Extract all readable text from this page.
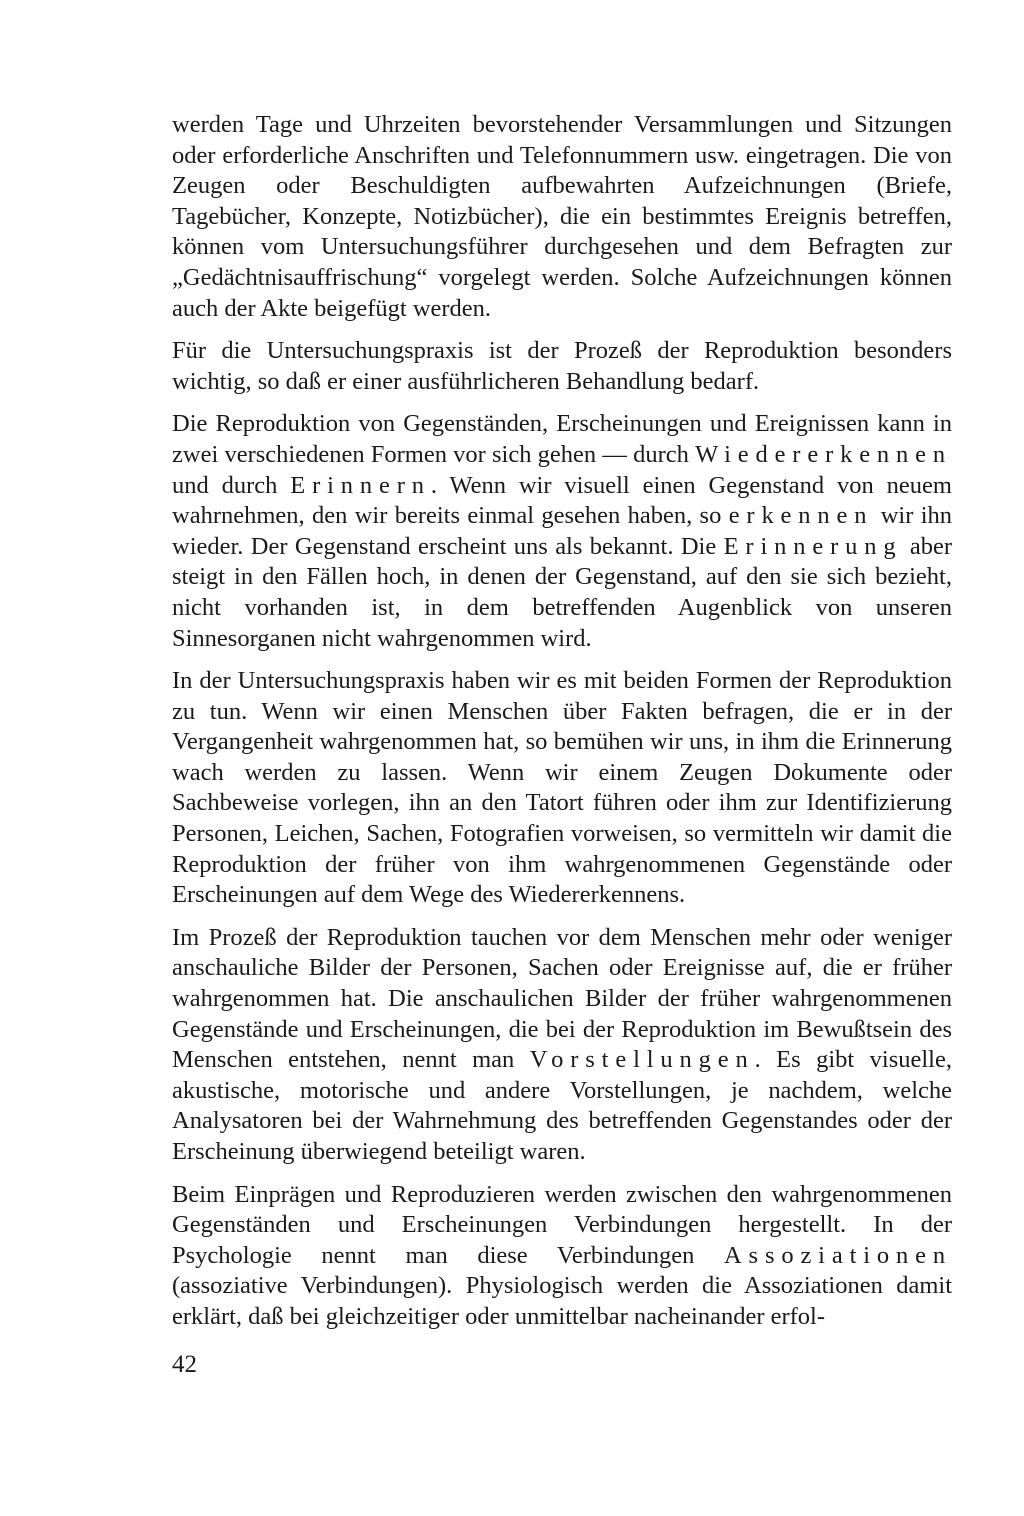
werden Tage und Uhrzeiten bevorstehender Versammlungen und Sitzungen oder erforderliche Anschriften und Telefonnummern usw. eingetragen. Die von Zeugen oder Beschuldigten aufbewahrten Aufzeichnungen (Briefe, Tagebücher, Konzepte, Notizbücher), die ein bestimmtes Ereignis betreffen, können vom Untersuchungsführer durchgesehen und dem Befragten zur „Gedächtnisauffrischung“ vorgelegt werden. Solche Aufzeichnungen können auch der Akte beigefügt werden.

Für die Untersuchungspraxis ist der Prozeß der Reproduktion besonders wichtig, so daß er einer ausführlicheren Behandlung bedarf.

Die Reproduktion von Gegenständen, Erscheinungen und Ereignissen kann in zwei verschiedenen Formen vor sich gehen — durch Wiedererkennen und durch Erinnern. Wenn wir visuell einen Gegenstand von neuem wahrnehmen, den wir bereits einmal gesehen haben, so erkennen wir ihn wieder. Der Gegenstand erscheint uns als bekannt. Die Erinnerung aber steigt in den Fällen hoch, in denen der Gegenstand, auf den sie sich bezieht, nicht vorhanden ist, in dem betreffenden Augenblick von unseren Sinnesorganen nicht wahrgenommen wird.

In der Untersuchungspraxis haben wir es mit beiden Formen der Reproduktion zu tun. Wenn wir einen Menschen über Fakten befragen, die er in der Vergangenheit wahrgenommen hat, so bemühen wir uns, in ihm die Erinnerung wach werden zu lassen. Wenn wir einem Zeugen Dokumente oder Sachbeweise vorlegen, ihn an den Tatort führen oder ihm zur Identifizierung Personen, Leichen, Sachen, Fotografien vorweisen, so vermitteln wir damit die Reproduktion der früher von ihm wahrgenommenen Gegenstände oder Erscheinungen auf dem Wege des Wiedererkennens.

Im Prozeß der Reproduktion tauchen vor dem Menschen mehr oder weniger anschauliche Bilder der Personen, Sachen oder Ereignisse auf, die er früher wahrgenommen hat. Die anschaulichen Bilder der früher wahrgenommenen Gegenstände und Erscheinungen, die bei der Reproduktion im Bewußtsein des Menschen entstehen, nennt man Vorstellungen. Es gibt visuelle, akustische, motorische und andere Vorstellungen, je nachdem, welche Analysatoren bei der Wahrnehmung des betreffenden Gegenstandes oder der Erscheinung überwiegend beteiligt waren.

Beim Einprägen und Reproduzieren werden zwischen den wahrgenommenen Gegenständen und Erscheinungen Verbindungen hergestellt. In der Psychologie nennt man diese Verbindungen Assoziationen (assoziative Verbindungen). Physiologisch werden die Assoziationen damit erklärt, daß bei gleichzeitiger oder unmittelbar nacheinander erfol-

42
